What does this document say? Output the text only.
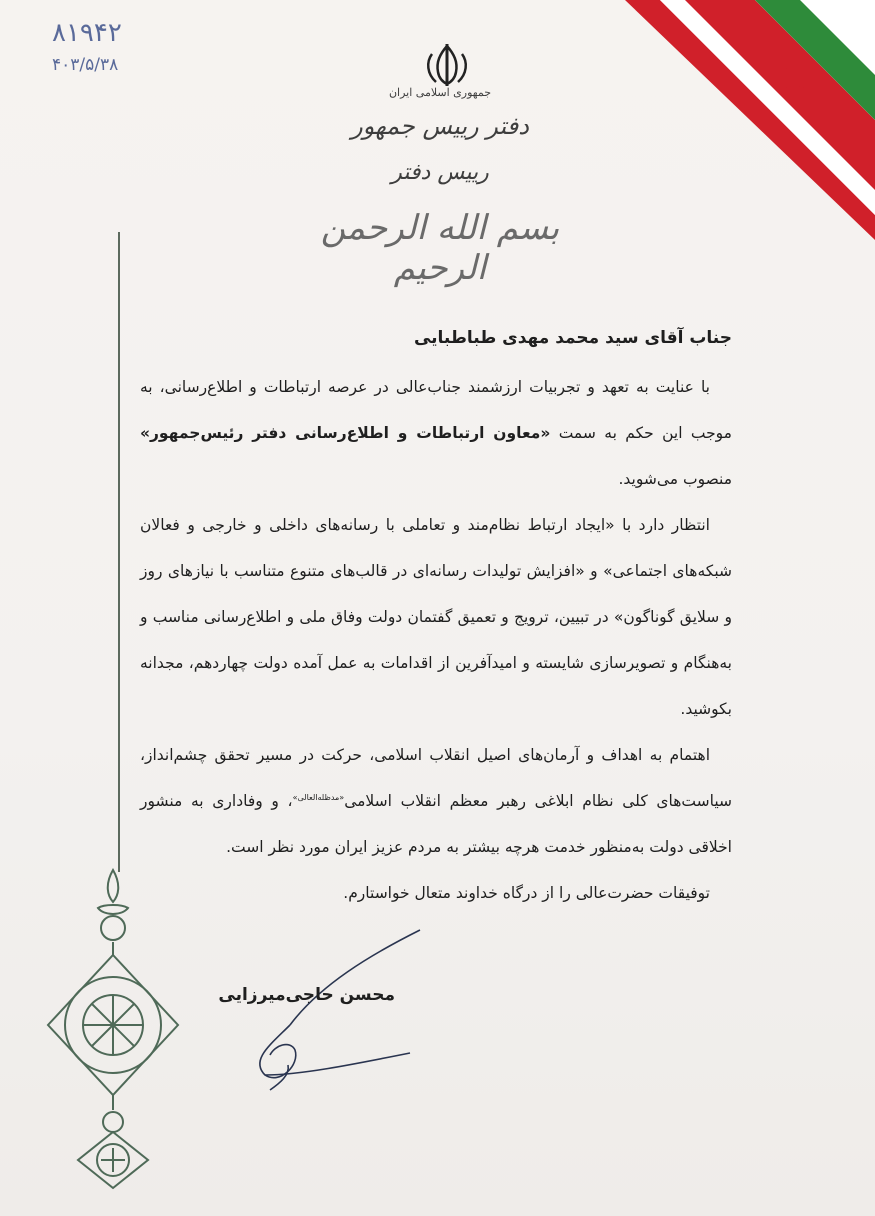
۸۱۹۴۲
۴۰۳/۵/۳۸
جمهوری اسلامی ایران
دفتر رییس جمهور
رییس دفتر
بسم الله الرحمن الرحیم
جناب آقای سید محمد مهدی طباطبایی

با عنایت به تعهد و تجربیات ارزشمند جناب‌عالی در عرصه ارتباطات و اطلاع‌رسانی، به موجب این حکم به سمت «معاون ارتباطات و اطلاع‌رسانی دفتر رئیس‌جمهور» منصوب می‌شوید.

انتظار دارد با «ایجاد ارتباط نظام‌مند و تعاملی با رسانه‌های داخلی و خارجی و فعالان شبکه‌های اجتماعی» و «افزایش تولیدات رسانه‌ای در قالب‌های متنوع متناسب با نیازهای روز و سلایق گوناگون» در تبیین، ترویج و تعمیق گفتمان دولت وفاق ملی و اطلاع‌رسانی مناسب و به‌هنگام و تصویرسازی شایسته و امیدآفرین از اقدامات به عمل آمده دولت چهاردهم، مجدانه بکوشید.

اهتمام به اهداف و آرمان‌های اصیل انقلاب اسلامی، حرکت در مسیر تحقق چشم‌انداز، سیاست‌های کلی نظام ابلاغی رهبر معظم انقلاب اسلامی$^{«مدظله‌العالی»}$، و وفاداری به منشور اخلاقی دولت به‌منظور خدمت هرچه بیشتر به مردم عزیز ایران مورد نظر است.

توفیقات حضرت‌عالی را از درگاه خداوند متعال خواستارم.

محسن حاجی‌میرزایی
